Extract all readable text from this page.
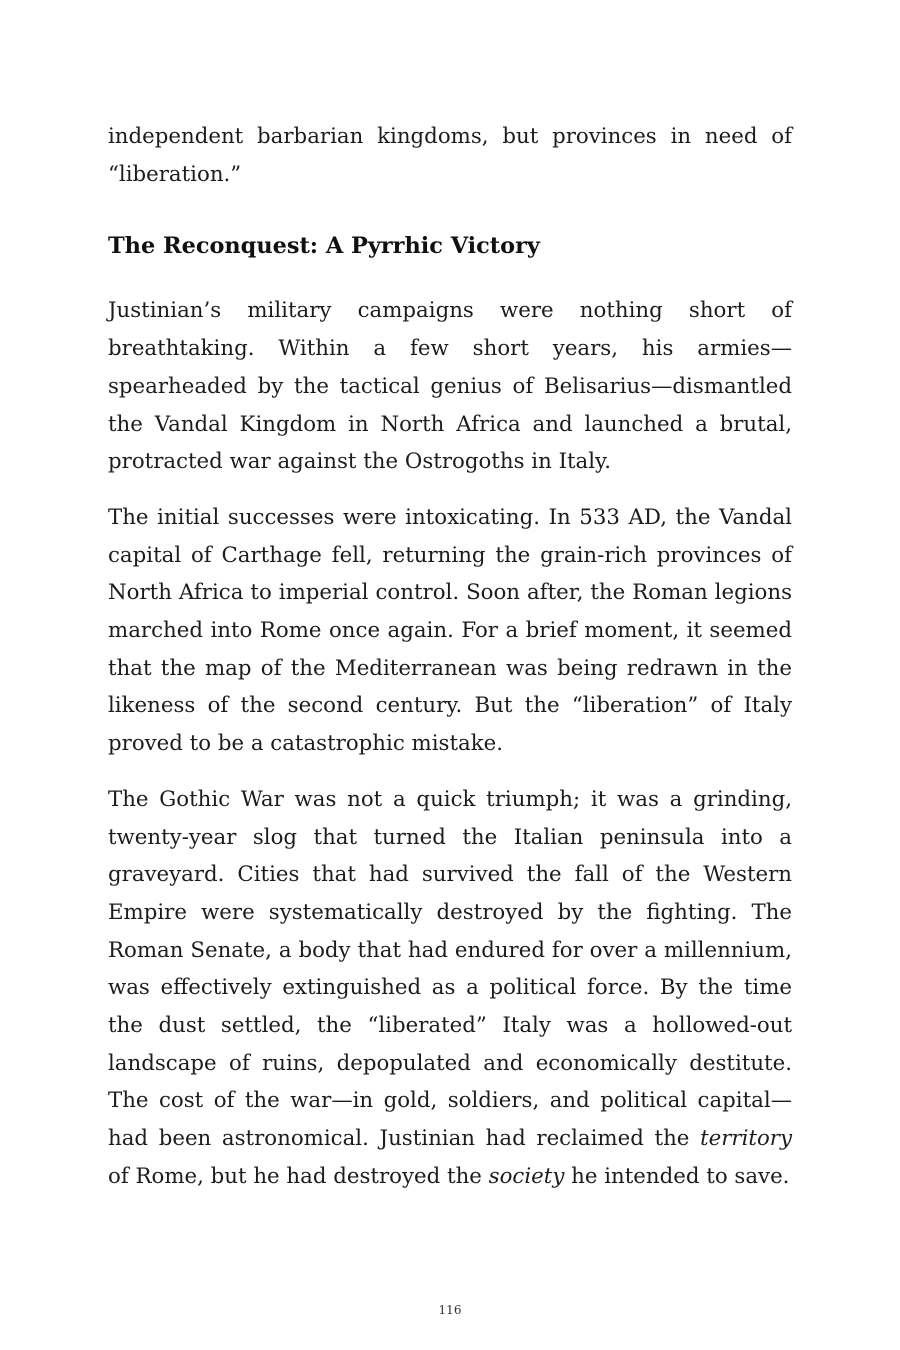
independent barbarian kingdoms, but provinces in need of “liberation.”

The Reconquest: A Pyrrhic Victory

Justinian’s military campaigns were nothing short of breathtaking. Within a few short years, his armies—spearheaded by the tactical genius of Belisarius—dismantled the Vandal Kingdom in North Africa and launched a brutal, protracted war against the Ostrogoths in Italy.

The initial successes were intoxicating. In 533 AD, the Vandal capital of Carthage fell, returning the grain-rich provinces of North Africa to imperial control. Soon after, the Roman legions marched into Rome once again. For a brief moment, it seemed that the map of the Mediterranean was being redrawn in the likeness of the second century. But the “liberation” of Italy proved to be a catastrophic mistake.

The Gothic War was not a quick triumph; it was a grinding, twenty-year slog that turned the Italian peninsula into a graveyard. Cities that had survived the fall of the Western Empire were systematically destroyed by the fighting. The Roman Senate, a body that had endured for over a millennium, was effectively extinguished as a political force. By the time the dust settled, the “liberated” Italy was a hollowed-out landscape of ruins, depopulated and economically destitute. The cost of the war—in gold, soldiers, and political capital—had been astronomical. Justinian had reclaimed the territory of Rome, but he had destroyed the society he intended to save.

116
